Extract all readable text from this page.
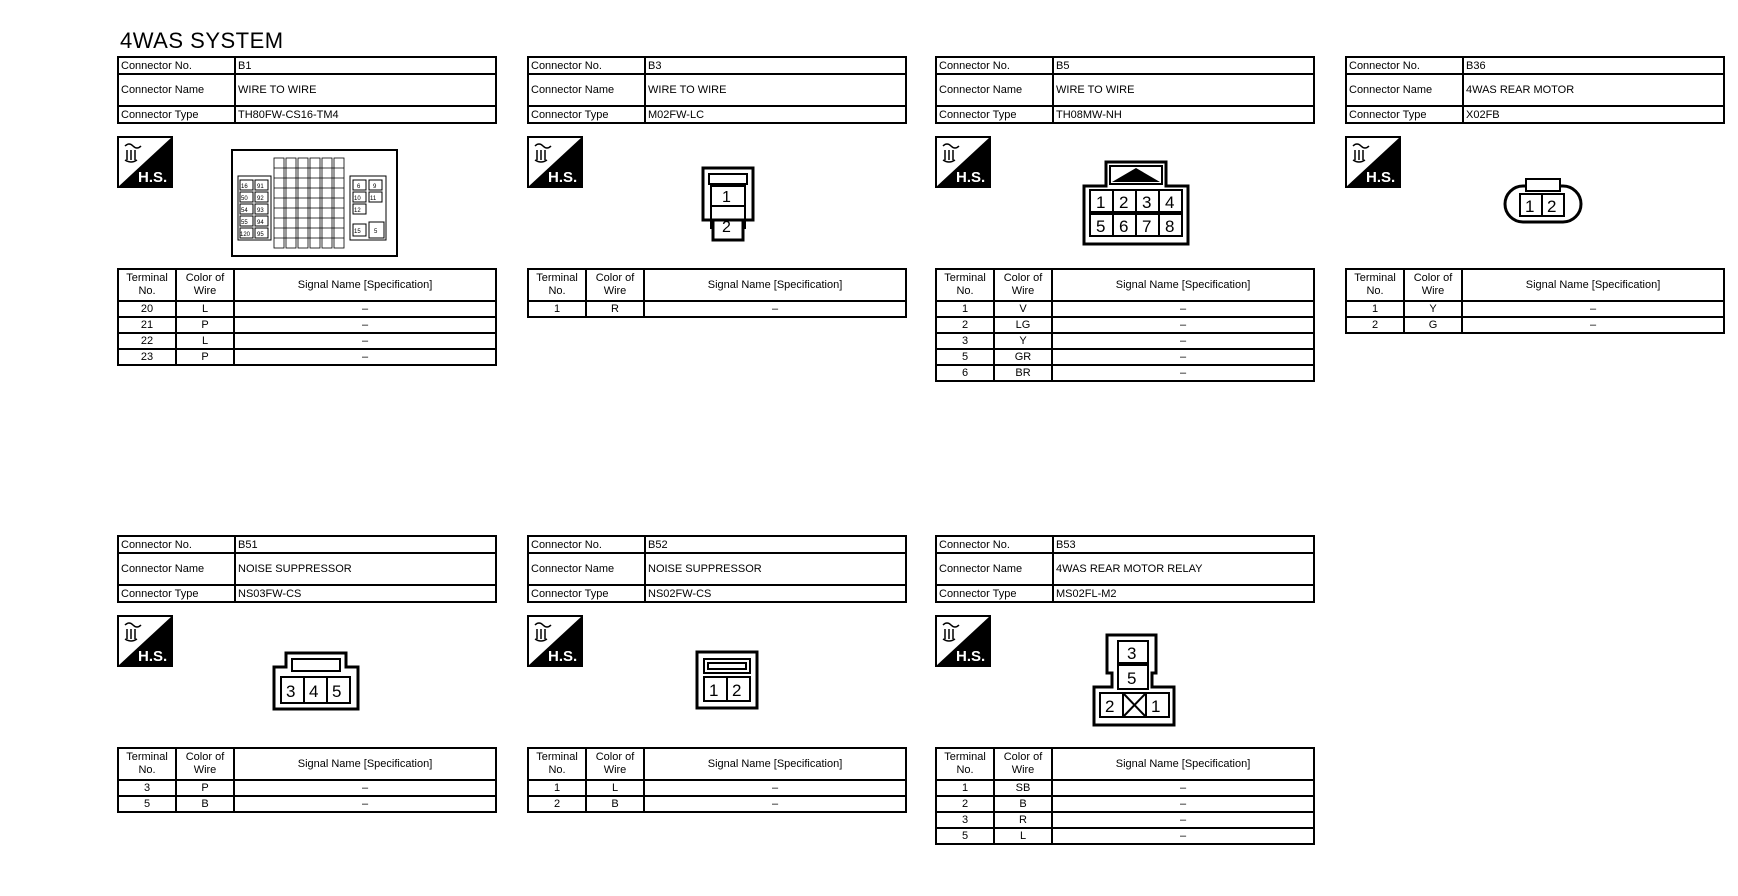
4WAS SYSTEM
Connector No.	B1
Connector Name	WIRE TO WIRE
Connector Type	TH80FW-CS16-TM4
H.S.
16 91
50 92
54 93
55 94
120 95
6 9
10 11
12
15 5
Terminal No.	Color of Wire	Signal Name [Specification]
20	L	–
21	P	–
22	L	–
23	P	–
Connector No.	B3
Connector Name	WIRE TO WIRE
Connector Type	M02FW-LC
H.S.
1
2
Terminal No.	Color of Wire	Signal Name [Specification]
1	R	–
Connector No.	B5
Connector Name	WIRE TO WIRE
Connector Type	TH08MW-NH
H.S.
1 2 3 4
5 6 7 8
Terminal No.	Color of Wire	Signal Name [Specification]
1	V	–
2	LG	–
3	Y	–
5	GR	–
6	BR	–
Connector No.	B36
Connector Name	4WAS REAR MOTOR
Connector Type	X02FB
H.S.
1 2
Terminal No.	Color of Wire	Signal Name [Specification]
1	Y	–
2	G	–
Connector No.	B51
Connector Name	NOISE SUPPRESSOR
Connector Type	NS03FW-CS
H.S.
3 4 5
Terminal No.	Color of Wire	Signal Name [Specification]
3	P	–
5	B	–
Connector No.	B52
Connector Name	NOISE SUPPRESSOR
Connector Type	NS02FW-CS
H.S.
1 2
Terminal No.	Color of Wire	Signal Name [Specification]
1	L	–
2	B	–
Connector No.	B53
Connector Name	4WAS REAR MOTOR RELAY
Connector Type	MS02FL-M2
H.S.	3
5
2 1
Terminal No.	Color of Wire	Signal Name [Specification]
1	SB	–
2	B	–
3	R	–
5	L	–
